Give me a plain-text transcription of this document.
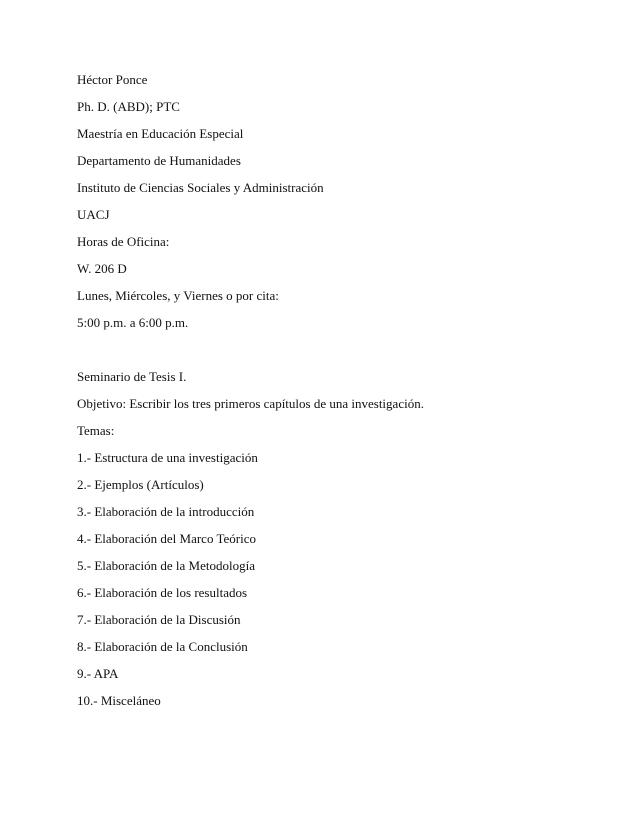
Héctor Ponce

Ph. D. (ABD); PTC

Maestría en Educación Especial

Departamento de Humanidades

Instituto de Ciencias Sociales y Administración

UACJ

Horas de Oficina:

W. 206 D

Lunes, Miércoles, y Viernes o por cita:

5:00 p.m. a 6:00 p.m.

Seminario de Tesis I.

Objetivo: Escribir los tres primeros capítulos de una investigación.

Temas:

1.- Estructura de una investigación

2.- Ejemplos (Artículos)

3.- Elaboración de la introducción

4.- Elaboración del Marco Teórico

5.- Elaboración de la Metodología

6.- Elaboración de los resultados

7.- Elaboración de la Discusión

8.- Elaboración de la Conclusión

9.- APA

10.- Misceláneo
